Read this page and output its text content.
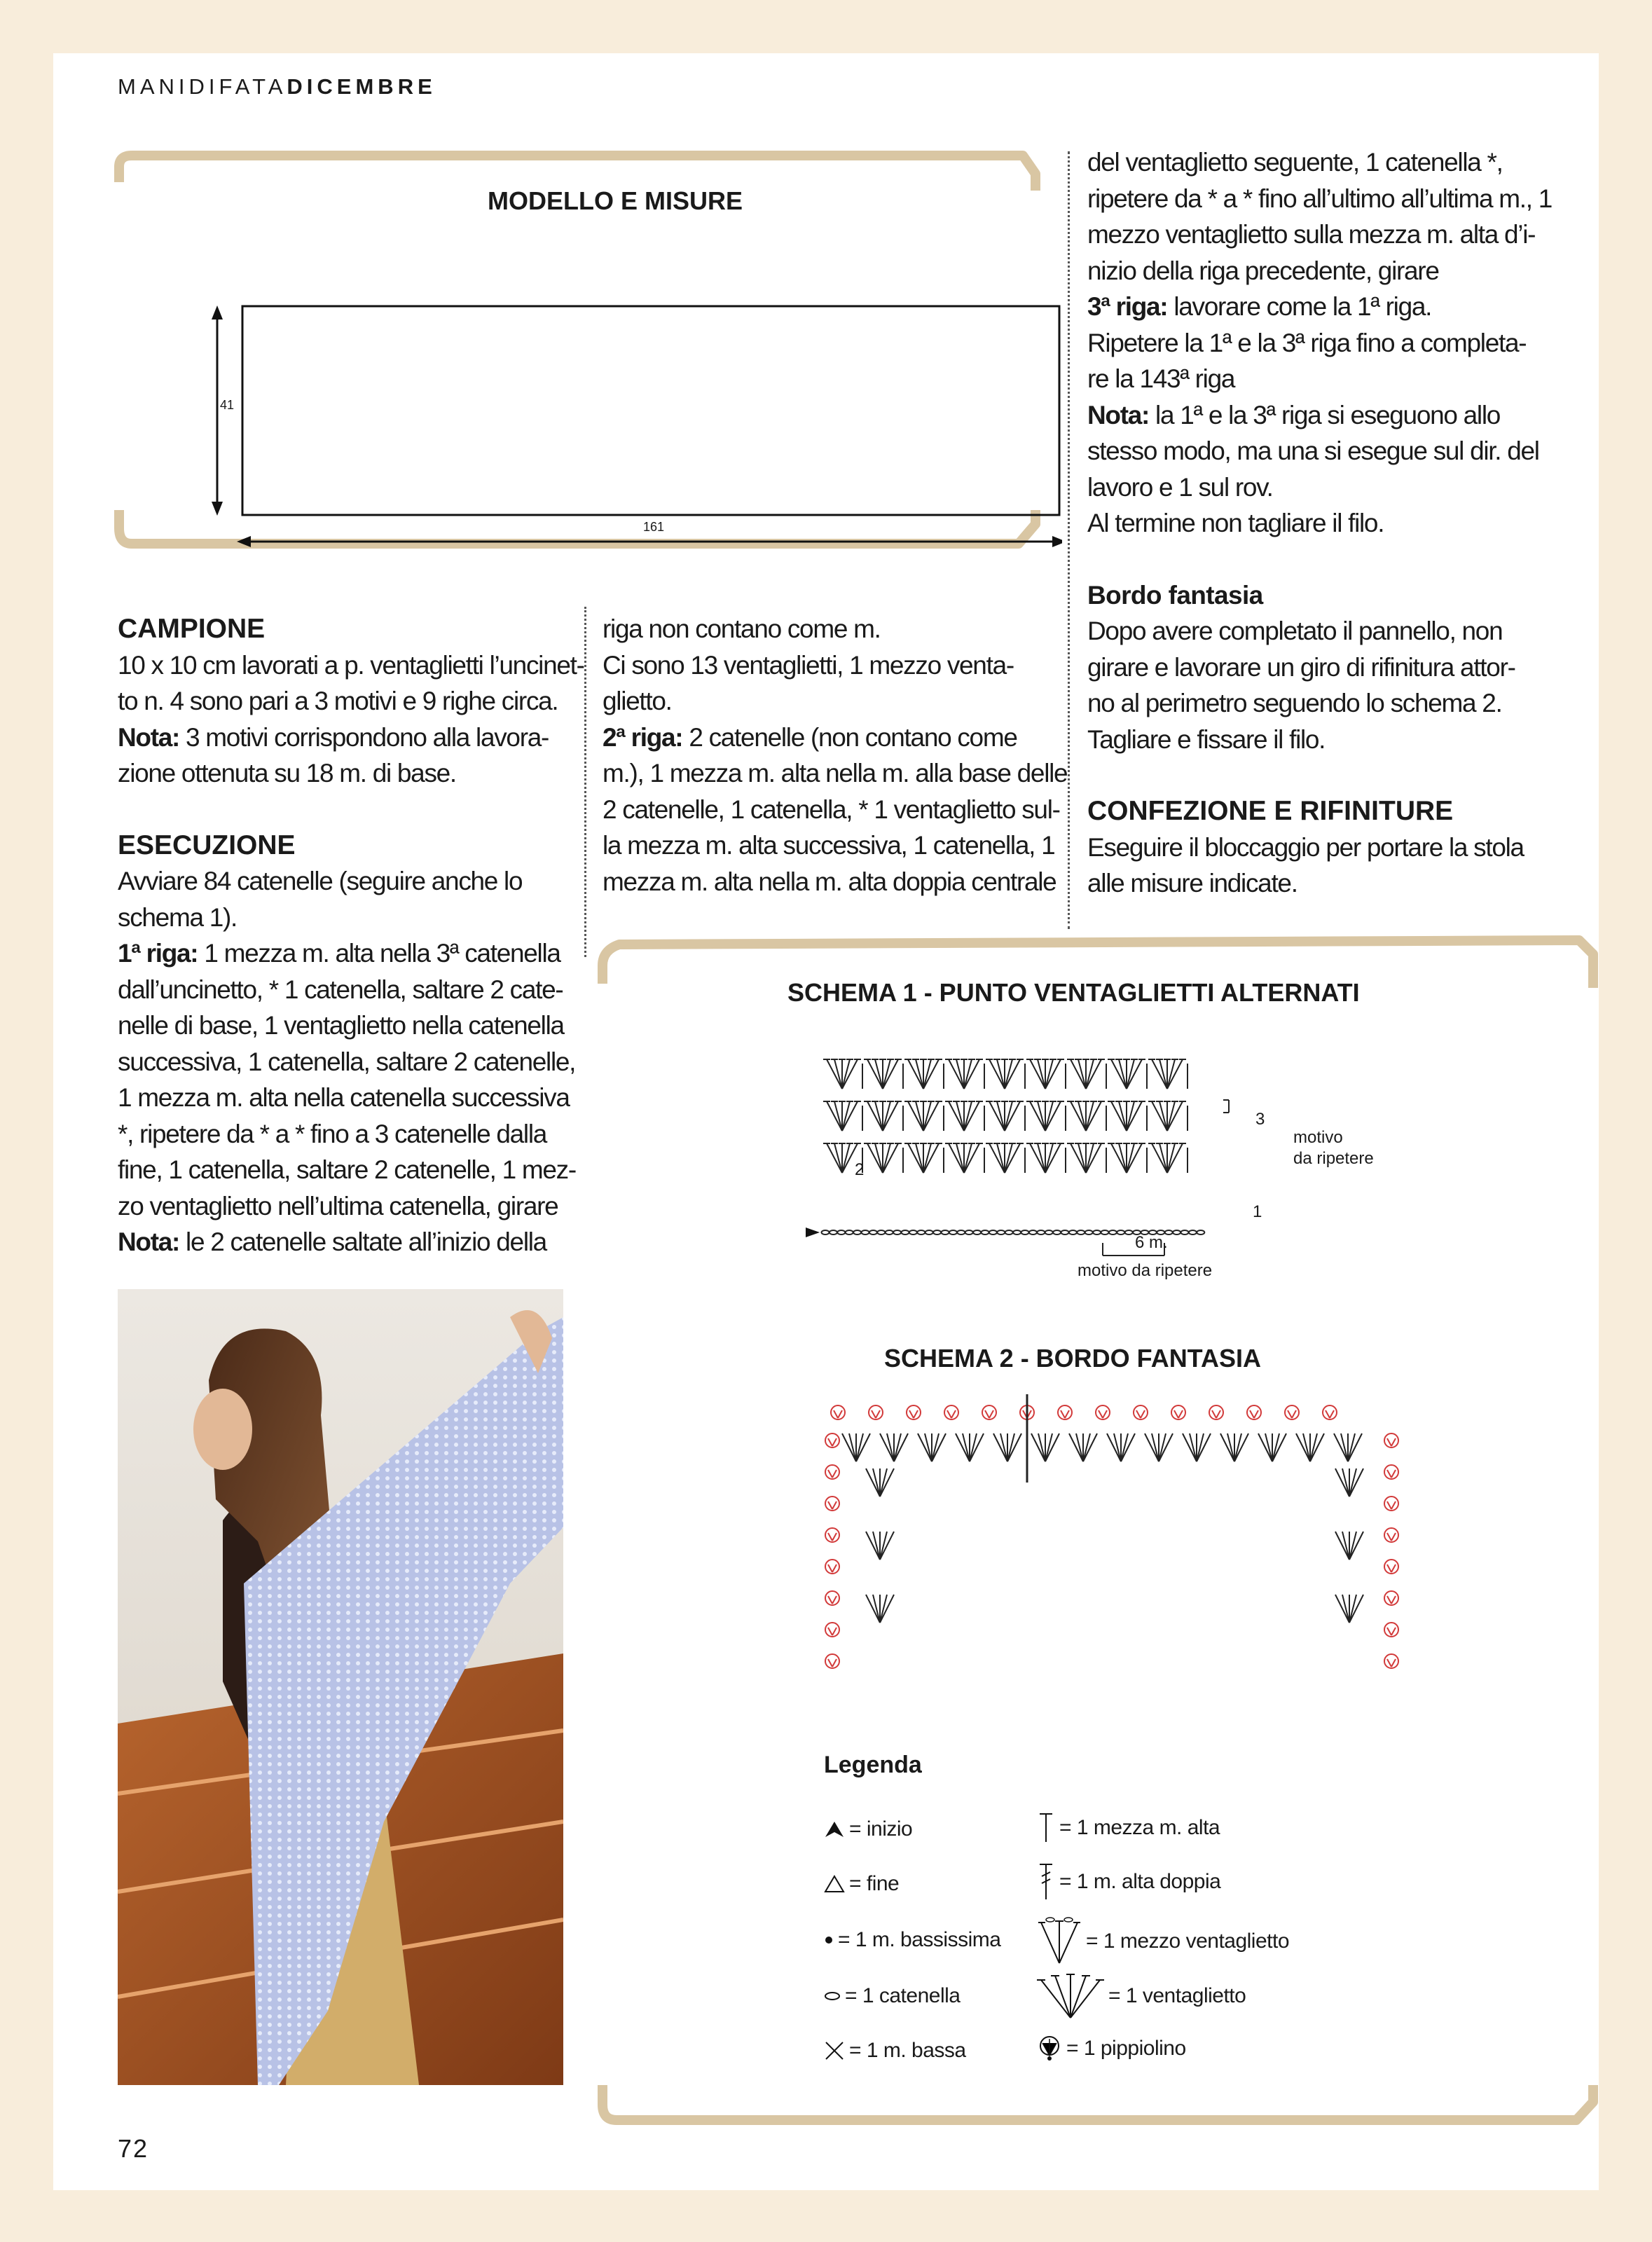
MANIDIFATADICEMBRE
MODELLO E MISURE
41
161

CAMPIONE

10 x 10 cm lavorati a p. ventaglietti l’uncinet-

to n. 4 sono pari a 3 motivi e 9 righe circa.

Nota: 3 motivi corrispondono alla lavora-

zione ottenuta su 18 m. di base.

ESECUZIONE

Avviare 84 catenelle (seguire anche lo

schema 1).

1ª riga: 1 mezza m. alta nella 3ª catenella

dall’uncinetto, * 1 catenella, saltare 2 cate-

nelle di base, 1 ventaglietto nella catenella

successiva, 1 catenella, saltare 2 catenelle,

1 mezza m. alta nella catenella successiva

*, ripetere da * a * fino a 3 catenelle dalla

fine, 1 catenella, saltare 2 catenelle, 1 mez-

zo ventaglietto nell’ultima catenella, girare

Nota: le 2 catenelle saltate all’inizio della

riga non contano come m.

Ci sono 13 ventaglietti, 1 mezzo venta-

glietto.

2ª riga: 2 catenelle (non contano come

m.), 1 mezza m. alta nella m. alla base delle

2 catenelle, 1 catenella, * 1 ventaglietto sul-

la mezza m. alta successiva, 1 catenella, 1

mezza m. alta nella m. alta doppia centrale

del ventaglietto seguente, 1 catenella *,

ripetere da * a * fino all’ultimo all’ultima m., 1

mezzo ventaglietto sulla mezza m. alta d’i-

nizio della riga precedente, girare

3ª riga: lavorare come la 1ª riga.

Ripetere la 1ª e la 3ª riga fino a completa-

re la 143ª riga

Nota: la 1ª e la 3ª riga si eseguono allo

stesso modo, ma una si esegue sul dir. del

lavoro e 1 sul rov.

Al termine non tagliare il filo.

Bordo fantasia

Dopo avere completato il pannello, non

girare e lavorare un giro di rifinitura attor-

no al perimetro seguendo lo schema 2.

Tagliare e fissare il filo.

CONFEZIONE E RIFINITURE

Eseguire il bloccaggio per portare la stola

alle misure indicate.

SCHEMA 1 - PUNTO VENTAGLIETTI ALTERNATI
3
2
1
motivo
da ripetere
6 m.
motivo da ripetere
SCHEMA 2 - BORDO FANTASIA
Legenda
= inizio
= fine
= 1 m. bassissima
= 1 catenella
= 1 m. bassa
= 1 mezza m. alta
= 1 m. alta doppia
= 1 mezzo ventaglietto
= 1 ventaglietto
= 1 pippiolino
72
